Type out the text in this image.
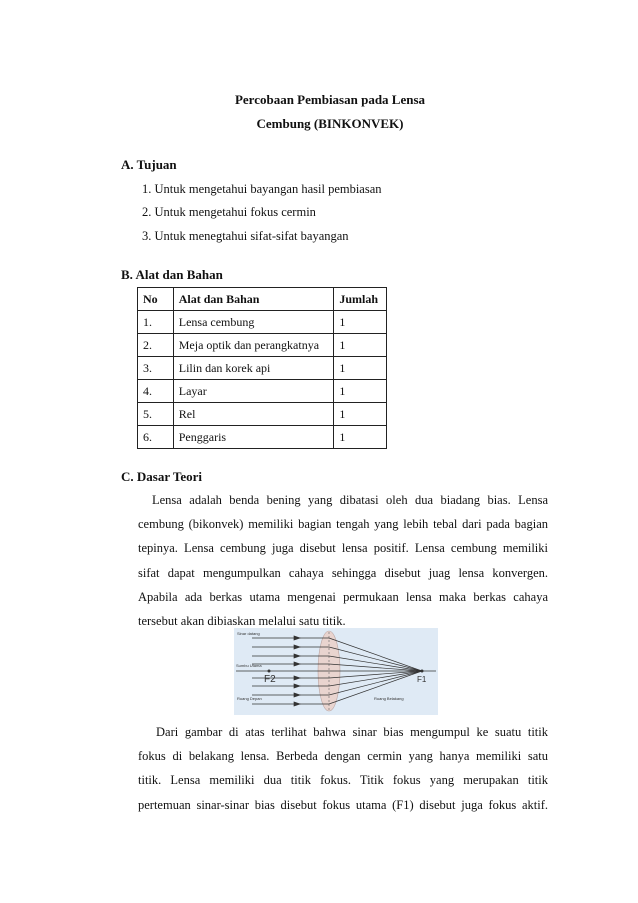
Percobaan Pembiasan pada Lensa
Cembung (BINKONVEK)
A. Tujuan
1. Untuk mengetahui bayangan hasil pembiasan
2. Untuk mengetahui fokus cermin
3. Untuk menegtahui sifat-sifat bayangan
B. Alat dan Bahan
No	Alat dan Bahan	Jumlah
1.	Lensa cembung	1
2.	Meja optik dan perangkatnya	1
3.	Lilin dan korek api	1
4.	Layar	1
5.	Rel	1
6.	Penggaris	1
C. Dasar Teori
Lensa adalah benda bening yang dibatasi oleh dua biadang bias. Lensa
cembung (bikonvek) memiliki bagian tengah yang lebih tebal dari pada bagian
tepinya. Lensa cembung juga disebut lensa positif. Lensa cembung memiliki
sifat dapat mengumpulkan cahaya sehingga disebut juag lensa konvergen.
Apabila ada berkas utama mengenai permukaan lensa maka berkas cahaya
tersebut akan dibiaskan melalui satu titik.
Sinar datang
Sumbu Utama
Ruang Depan	Ruang Belakang
F2	F1
Dari gambar di atas terlihat bahwa sinar bias mengumpul ke suatu titik
fokus di belakang lensa. Berbeda dengan cermin yang hanya memiliki satu
titik. Lensa memiliki dua titik fokus. Titik fokus yang merupakan titik
pertemuan sinar-sinar bias disebut fokus utama (F1) disebut juga fokus aktif.
